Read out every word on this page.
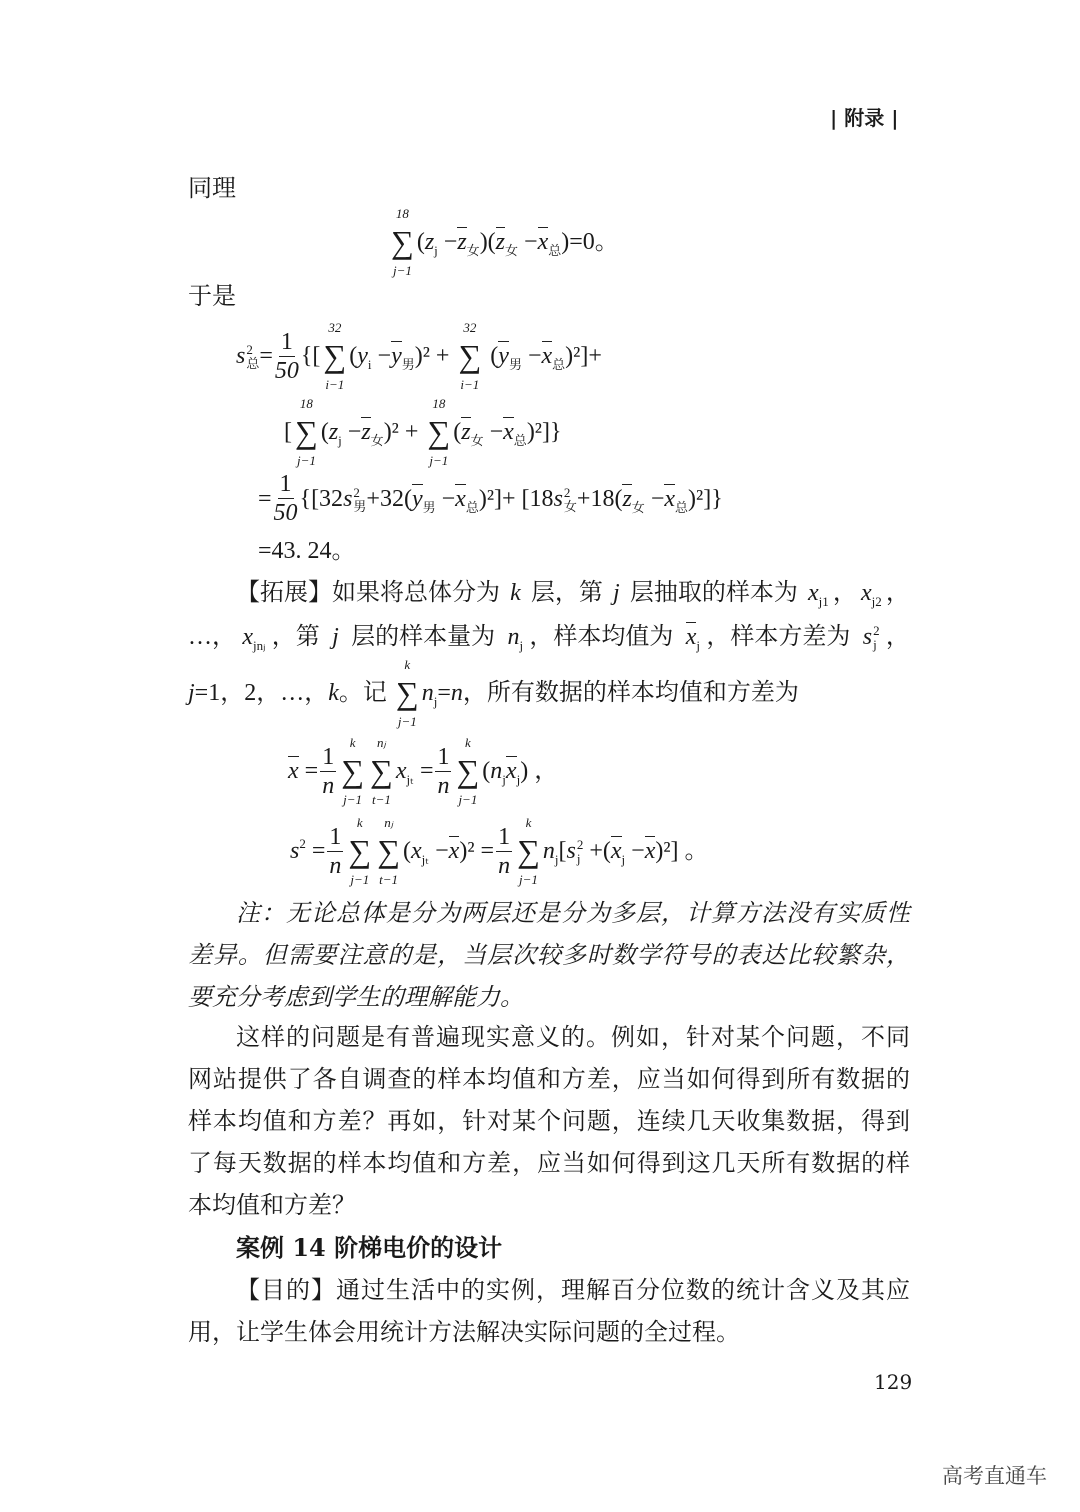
| 附录 |
同理
18
∑
j−1
( $z_j - z_女$ )( $z_女 - x_总$ )=0。
于是
s 2
总 = $\frac{1}{50}$ {[
32
∑
i−1
( $y_i - y_男$ )² +
32
∑
i−1
( $y_男 - x_总$ )²]+
[
18
∑
j−1
( $z_j - z_女$ )² +
18
∑
j−1
( $z_女 - x_总$ )²]}
= $\frac{1}{50} \{[32$ s 2
男 +32( $y_男 - x_总$ )²]+ [18 s 2
女 +18( $z_女 - x_总$ )²]}
=43. 24。
【拓展】如果将总体分为 k 层，第 j 层抽取的样本为 $x_{j1}$ ， $x_{j2}$ ，
…， $x_{jnⱼ}$ ，第 j 层的样本量为 $n_j$ ，样本均值为 $x_j$ ，样本方差为 s 2
j ，
j =1，2，…， k 。记
k
∑
j−1
$n_j = n$ ，所有数据的样本均值和方差为
$x = \frac{1}{n}$ k
∑
j−1
nⱼ
∑
t−1
$x_{j_t} = \frac{1}{n}$ k
∑
j−1
( $n_j$ $x_j$ ) ，
$s^2 = \frac{1}{n}$ k
∑
j−1
nⱼ
∑
t−1
( $x_{j_t} - x$ )$^2 = \frac{1}{n}$ k
∑
j−1
$n_j$ [ s 2
j +( $x_j - x$ )²] 。
注：无论总体是分为两层还是分为多层，计算方法没有实质性
差异。但需要注意的是，当层次较多时数学符号的表达比较繁杂，
要充分考虑到学生的理解能力。
这样的问题是有普遍现实意义的。例如，针对某个问题，不同
网站提供了各自调查的样本均值和方差，应当如何得到所有数据的
样本均值和方差？再如，针对某个问题，连续几天收集数据，得到
了每天数据的样本均值和方差，应当如何得到这几天所有数据的样
本均值和方差？
案例 14 阶梯电价的设计
【目的】通过生活中的实例，理解百分位数的统计含义及其应
用，让学生体会用统计方法解决实际问题的全过程。
129
高考直通车
